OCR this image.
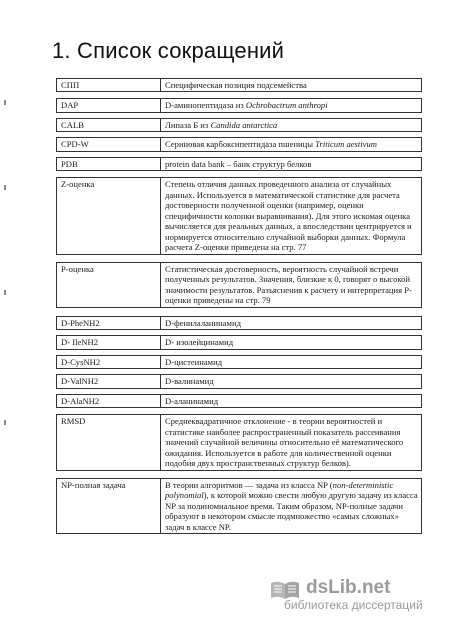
1. Список сокращений
СПП	Специфическая позиция подсемейства

DAP	D-аминопептидаза из Ochrobactrum anthropi

CALB	Липаза Б из Candida antarctica

CPD-W	Сериновая карбоксипептидаза пшеницы Triticum aestivum

PDB	protein data bank – банк структур белков

Z-оценка	Степень отличия данных проведенного анализа от случайных данных. Используется в математической статистике для расчета достоверности полученной оценки (например, оценки специфичности колонки выравнивания). Для этого искомая оценка вычисляется для реальных данных, а впоследствии центрируется и нормируется относительно случайной выборки данных. Формула расчета Z-оценки приведена на стр. 77

P-оценка	Статистическая достоверность, вероятность случайной встречи полученных результатов. Значения, близкие к 0, говорят о высокой значимости результатов. Разъяснения к расчету и интерпретация P-оценки приведены на стр. 79

D-PheNH2	D-фенилаланинамид

D- IleNH2	D- изолейцинамид

D-CysNH2	D-цистеинамид

D-ValNH2	D-валинамид

D-AlaNH2	D-аланинамид

RMSD	Среднеквадратичное отклонение - в теории вероятностей и статистике наиболее распространенный показатель рассеивания значений случайной величины относительно её математического ожидания. Используется в работе для количественной оценки подобия двух пространственных структур белков).

NP-полная задача	В теории алгоритмов — задача из класса NP (non-deterministic polynomial), к которой можно свести любую другую задачу из класса NP за полиномиальное время. Таким образом, NP-полные задачи образуют в некотором смысле подмножество «самых сложных» задач в классе NP.
dsLib.net
библиотека диссертаций
